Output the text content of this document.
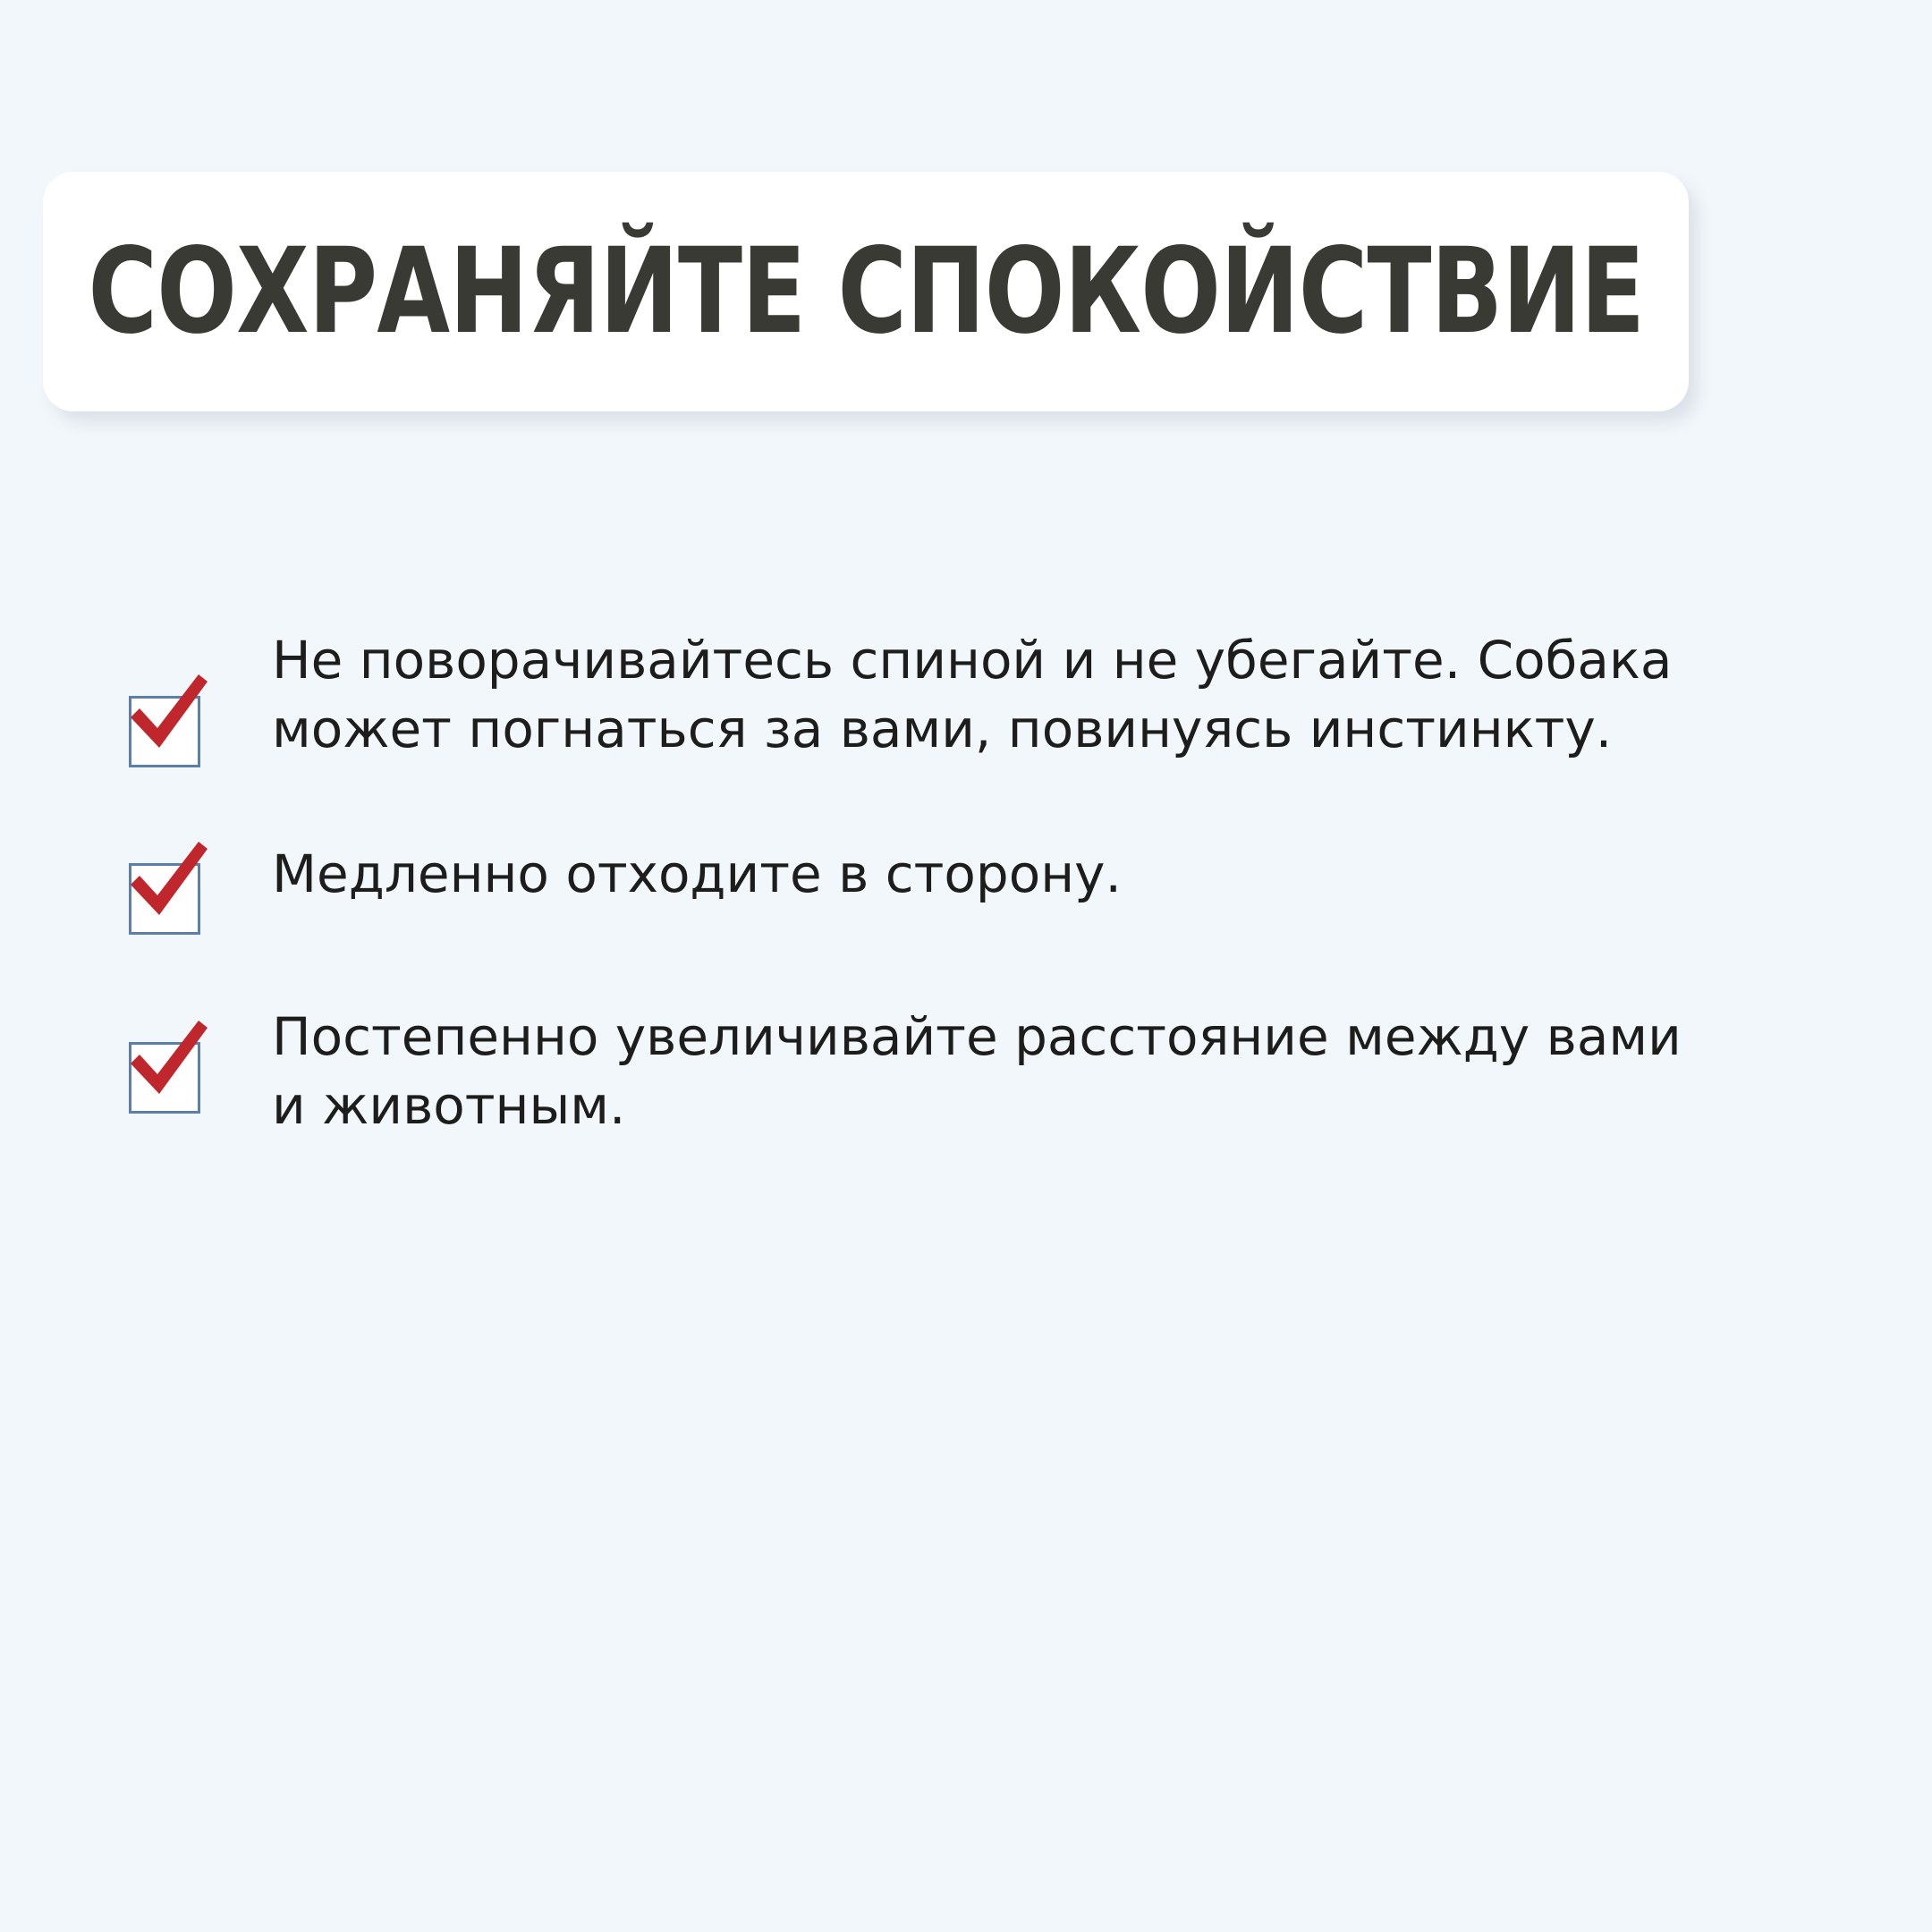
СОХРАНЯЙТЕ СПОКОЙСТВИЕ
Не поворачивайтесь спиной и не убегайте. Собака может погнаться за вами, повинуясь инстинкту.
Медленно отходите в сторону.
Постепенно увеличивайте расстояние между вами и животным.
